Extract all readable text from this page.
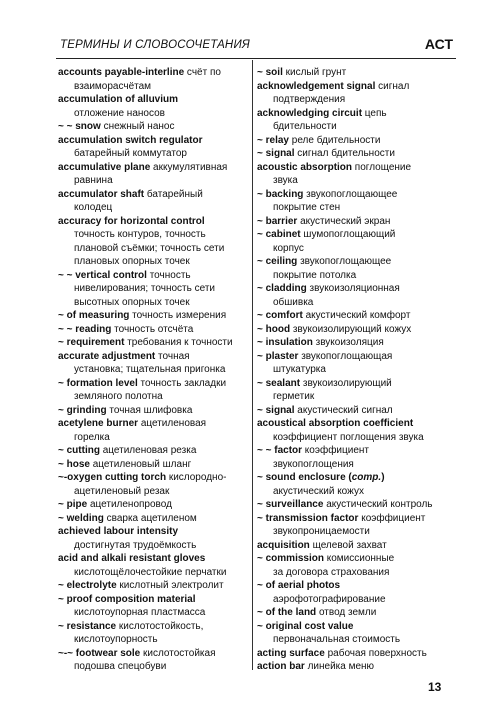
ТЕРМИНЫ И СЛОВОСОЧЕТАНИЯ	АСТ
accounts payable-interline счёт по
взаиморасчётам
accumulation of alluvium
отложение наносов
~ ~ snow снежный нанос
accumulation switch regulator
батарейный коммутатор
accumulative plane аккумулятивная
равнина
accumulator shaft батарейный
колодец
accuracy for horizontal control
точность контуров, точность
плановой съёмки; точность сети
плановых опорных точек
~ ~ vertical control точность
нивелирования; точность сети
высотных опорных точек
~ of measuring точность измерения
~ ~ reading точность отсчёта
~ requirement требования к точности
accurate adjustment точная
установка; тщательная пригонка
~ formation level точность закладки
земляного полотна
~ grinding точная шлифовка
acetylene burner ацетиленовая
горелка
~ cutting ацетиленовая резка
~ hose ацетиленовый шланг
~-oxygen cutting torch кислородно-
ацетиленовый резак
~ pipe ацетиленопровод
~ welding сварка ацетиленом
achieved labour intensity
достигнутая трудоёмкость
acid and alkali resistant gloves
кислотощёлочестойкие перчатки
~ electrolyte кислотный электролит
~ proof composition material
кислотоупорная пластмасса
~ resistance кислотостойкость,
кислотоупорность
~-~ footwear sole кислотостойкая
подошва спецобуви
~ soil кислый грунт
acknowledgement signal сигнал
подтверждения
acknowledging circuit цепь
бдительности
~ relay реле бдительности
~ signal сигнал бдительности
acoustic absorption поглощение
звука
~ backing звукопоглощающее
покрытие стен
~ barrier акустический экран
~ cabinet шумопоглощающий
корпус
~ ceiling звукопоглощающее
покрытие потолка
~ cladding звукоизоляционная
обшивка
~ comfort акустический комфорт
~ hood звукоизолирующий кожух
~ insulation звукоизоляция
~ plaster звукопоглощающая
штукатурка
~ sealant звукоизолирующий
герметик
~ signal акустический сигнал
acoustical absorption coefficient
коэффициент поглощения звука
~ ~ factor коэффициент
звукопоглощения
~ sound enclosure (comp.)
акустический кожух
~ surveillance акустический контроль
~ transmission factor коэффициент
звукопроницаемости
acquisition щелевой захват
~ commission комиссионные
за договора страхования
~ of aerial photos
аэрофотографирование
~ of the land отвод земли
~ original cost value
первоначальная стоимость
acting surface рабочая поверхность
action bar линейка меню
13
